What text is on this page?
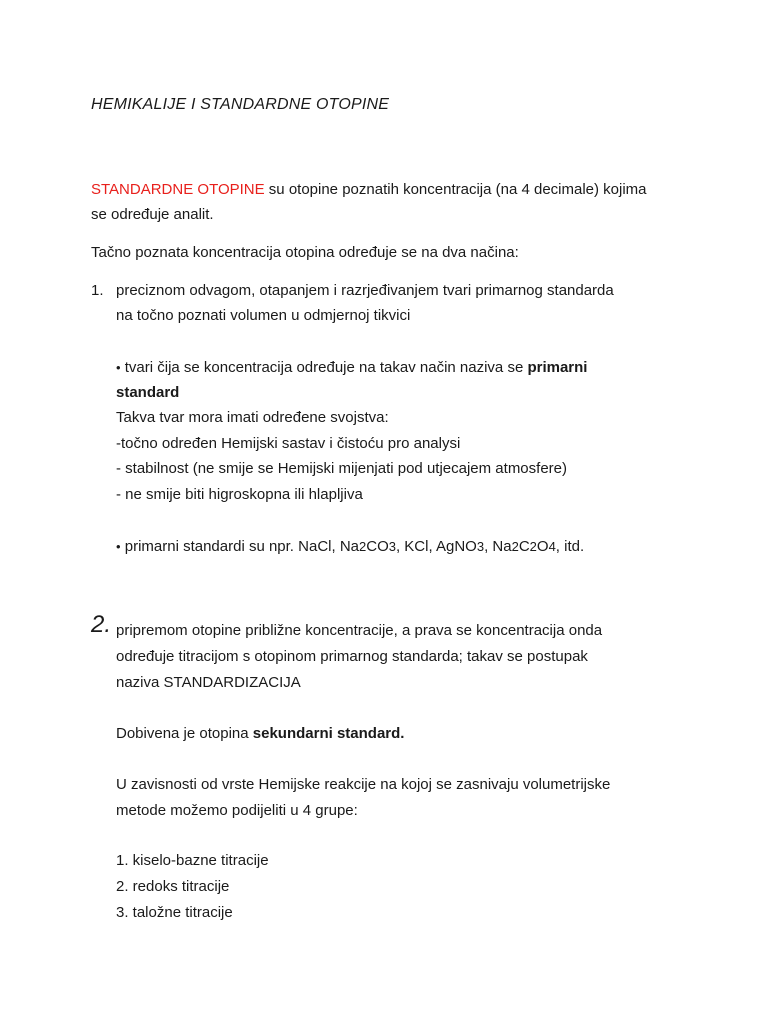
HEMIKALIJE I STANDARDNE OTOPINE
STANDARDNE OTOPINE su otopine poznatih koncentracija (na 4 decimale) kojima
se određuje analit.
Tačno poznata koncentracija otopina određuje se na dva načina:
1. preciznom odvagom, otapanjem i razrjeđivanjem tvari primarnog standarda
na točno poznati volumen u odmjernoj tikvici
• tvari čija se koncentracija određuje na takav način naziva se primarni
standard
Takva tvar mora imati određene svojstva:
-točno određen Hemijski sastav i čistoću pro analysi
- stabilnost (ne smije se Hemijski mijenjati pod utjecajem atmosfere)
- ne smije biti higroskopna ili hlapljiva
• primarni standardi su npr. NaCl, Na2CO3, KCl, AgNO3, Na2C2O4, itd.
2. pripremom otopine približne koncentracije, a prava se koncentracija onda
određuje titracijom s otopinom primarnog standarda; takav se postupak
naziva STANDARDIZACIJA
Dobivena je otopina sekundarni standard.
U zavisnosti od vrste Hemijske reakcije na kojoj se zasnivaju volumetrijske
metode možemo podijeliti u 4 grupe:
1. kiselo-bazne titracije
2. redoks titracije
3. taložne titracije
